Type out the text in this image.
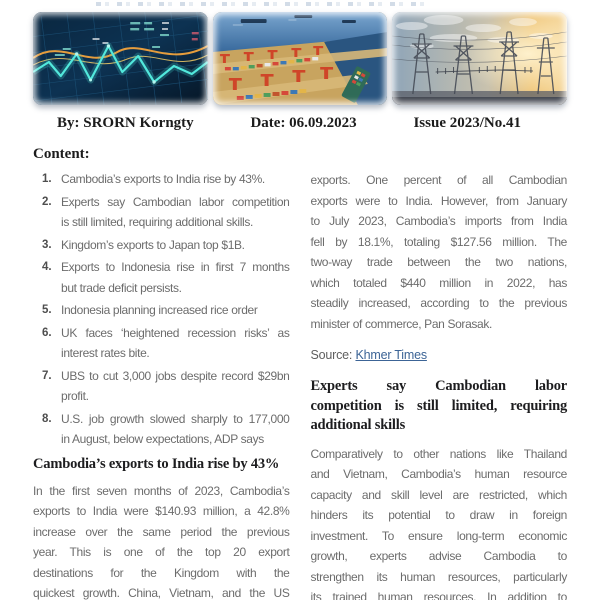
By: SRORN Korngty	Date: 06.09.2023	Issue 2023/No.41
Content:
1. Cambodia’s exports to India rise by 43%.
2. Experts say Cambodian labor competition
is still limited, requiring additional skills.
3. Kingdom’s exports to Japan top $1B.
4. Exports to Indonesia rise in first 7 months
but trade deficit persists.
5. Indonesia planning increased rice order
6. UK faces ‘heightened recession risks’ as
interest rates bite.
7. UBS to cut 3,000 jobs despite record $29bn
profit.
8. U.S. job growth slowed sharply to 177,000
in August, below expectations, ADP says
Cambodia’s exports to India rise by 43%
In the first seven months of 2023, Cambodia’s
exports to India were $140.93 million, a 42.8%
increase over the same period the previous
year. This is one of the top 20 export
destinations for the Kingdom with the
quickest growth. China, Vietnam, and the US
exports. One percent of all Cambodian
exports were to India. However, from January
to July 2023, Cambodia’s imports from India
fell by 18.1%, totaling $127.56 million. The
two-way trade between the two nations,
which totaled $440 million in 2022, has
steadily increased, according to the previous
minister of commerce, Pan Sorasak.
Source: Khmer Times
Experts say Cambodian labor
competition is still limited, requiring
additional skills
Comparatively to other nations like Thailand
and Vietnam, Cambodia’s human resource
capacity and skill level are restricted, which
hinders its potential to draw in foreign
investment. To ensure long-term economic
growth, experts advise Cambodia to
strengthen its human resources, particularly
its trained human resources. In addition to
